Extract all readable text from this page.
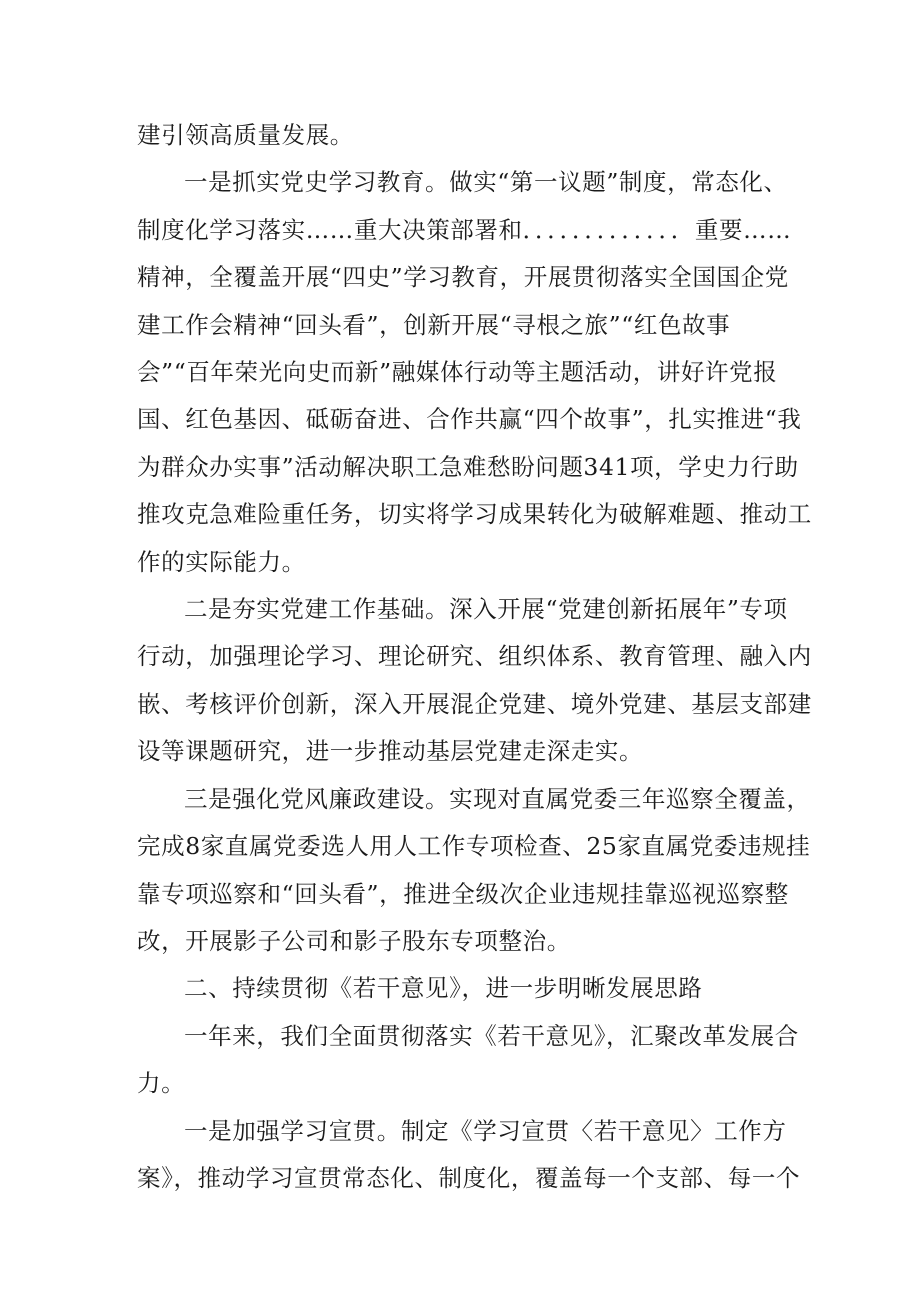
建引领高质量发展。

一是抓实党史学习教育。做实“第一议题”制度，常态化、
制度化学习落实……重大决策部署和．．．．．．．．．．．．．重要……
精神，全覆盖开展“四史”学习教育，开展贯彻落实全国国企党
建工作会精神“回头看”，创新开展“寻根之旅”“红色故事
会”“百年荣光向史而新”融媒体行动等主题活动，讲好许党报
国、红色基因、砥砺奋进、合作共赢“四个故事”，扎实推进“我
为群众办实事”活动解决职工急难愁盼问题341项，学史力行助
推攻克急难险重任务，切实将学习成果转化为破解难题、推动工
作的实际能力。

二是夯实党建工作基础。深入开展“党建创新拓展年”专项
行动，加强理论学习、理论研究、组织体系、教育管理、融入内
嵌、考核评价创新，深入开展混企党建、境外党建、基层支部建
设等课题研究，进一步推动基层党建走深走实。

三是强化党风廉政建设。实现对直属党委三年巡察全覆盖，
完成8家直属党委选人用人工作专项检查、25家直属党委违规挂
靠专项巡察和“回头看”，推进全级次企业违规挂靠巡视巡察整
改，开展影子公司和影子股东专项整治。

二、持续贯彻《若干意见》，进一步明晰发展思路

一年来，我们全面贯彻落实《若干意见》，汇聚改革发展合
力。

一是加强学习宣贯。制定《学习宣贯〈若干意见〉工作方
案》，推动学习宣贯常态化、制度化，覆盖每一个支部、每一个
